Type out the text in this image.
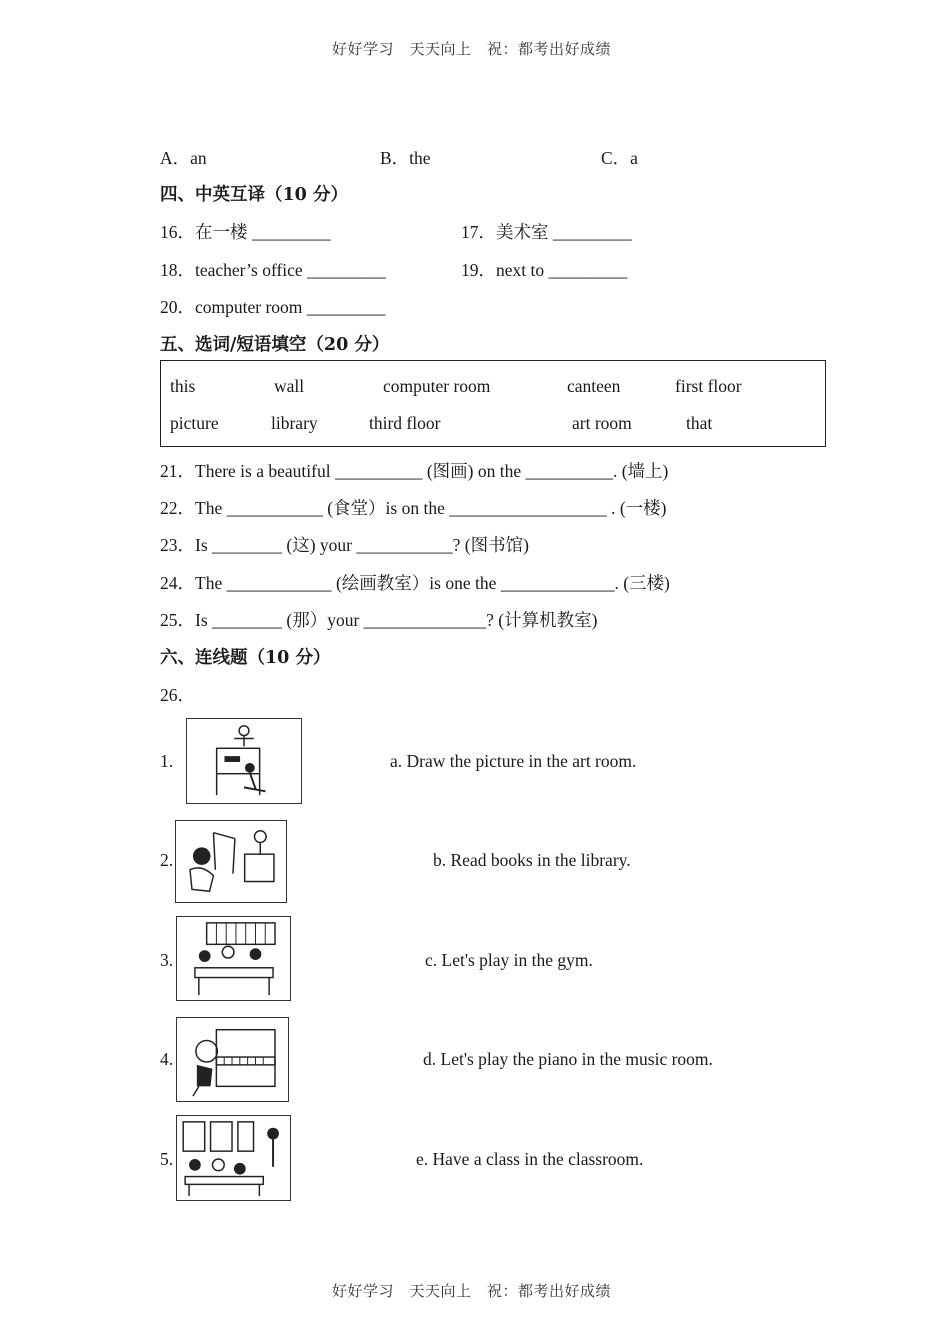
好好学习　天天向上　祝：都考出好成绩
A．an	B．the	C．a
四、中英互译（10 分）
16．在一楼 _________	17．美术室 _________
18．teacher’s office _________	19．next to _________
20．computer room _________
五、选词/短语填空（20 分）
this	wall	computer room	canteen	first floor
picture	library	third floor	art room	that
21．There is a beautiful __________ (图画) on the __________. (墙上)
22．The ___________ (食堂）is on the __________________ . (一楼)
23．Is ________ (这) your ___________? (图书馆)
24．The ____________ (绘画教室）is one the _____________. (三楼)
25．Is ________ (那）your ______________? (计算机教室)
六、连线题（10 分）
26．
1.	a. Draw the picture in the art room.
2.	b. Read books in the library.
3.	c. Let's play in the gym.
4.	d. Let's play the piano in the music room.
5.	e. Have a class in the classroom.
好好学习　天天向上　祝：都考出好成绩
